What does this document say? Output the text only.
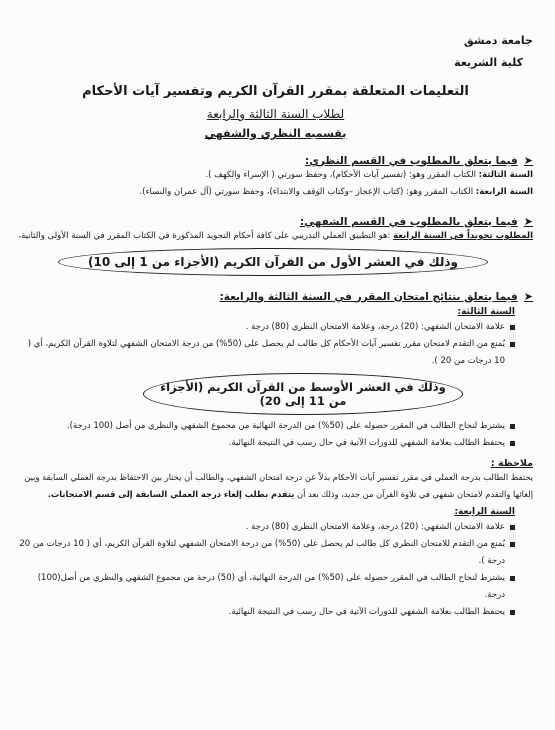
جامعة دمشق
كلية الشريعة
التعليمات المتعلقة بمقرر القرآن الكريم وتفسير آيات الأحكام
لطلاب السنة الثالثة والرابعة
بقسميه النظري والشفهي
➤
فيما يتعلق بالمطلوب في القسم النظري:
السنة الثالثة: الكتاب المقرر وهو: (تفسير آيات الأحكام)، وحفظ سورتي ( الإسراء والكهف ).
السنة الرابعة: الكتاب المقرر وهو: (كتاب الإعجاز –وكتاب الوقف والابتداء)، وحفظ سورتي (آل عمران والنساء).
➤
فيما يتعلق بالمطلوب في القسم الشفهي:
المطلوب تجويداً في السنة الرابعة :هو التطبيق العملي التدريبي على كافة أحكام التجويد المذكورة في الكتاب المقرر في السنة الأولى والثانية،
وذلك في العشر الأول من القرآن الكريم (الأجزاء من 1 إلى 10)
➤
فيما يتعلق بنتائج امتحان المقرر في السنة الثالثة والرابعة:
السنة الثالثة:
علامة الامتحان الشفهي: (20) درجة، وعلامة الامتحان النظري (80) درجة .
يُمنع من التقدم لامتحان مقرر تفسير آيات الأحكام كل طالب لم يحصل على (50%) من درجة الامتحان الشفهي لتلاوة القرآن الكريم، أي ( 10 درجات من 20 ).
وذلك في العشر الأوسط من القرآن الكريم (الأجزاء من 11 إلى 20)
يشترط لنجاح الطالب في المقرر حصوله على (50%) من الدرجة النهائية من مجموع الشفهي والنظري من أصل (100 درجة).
يحتفظ الطالب بعلامة الشفهي للدورات الآتية في حال رسب في النتيجة النهائية.
ملاحظة :
يحتفظ الطالب بدرجة العملي في مقرر تفسير آيات الأحكام بدلاً عن درجة امتحان الشفهي، والطالب أن يختار بين الاحتفاظ بدرجة العملي السابقة وبين إلغائها والتقدم لامتحان شفهي في تلاوة القرآن من جديد، وذلك بعد أن يتقدم بطلب إلغاء درجة العملي السابقة إلى قسم الامتحانات.
السنة الرابعة:
علامة الامتحان الشفهي: (20) درجة، وعلامة الامتحان النظري (80) درجة .
يُمنع من التقدم للامتحان النظري كل طالب لم يحصل على (50%) من درجة الامتحان الشفهي لتلاوة القرآن الكريم، أي ( 10 درجات من 20 درجة ).
يشترط لنجاح الطالب في المقرر حصوله على (50%) من الدرجة النهائية، أي (50) درجة من مجموع الشفهي والنظري من أصل(100) درجة.
يحتفظ الطالب بعلامة الشفهي للدورات الآتية في حال رسب في النتيجة النهائية.
